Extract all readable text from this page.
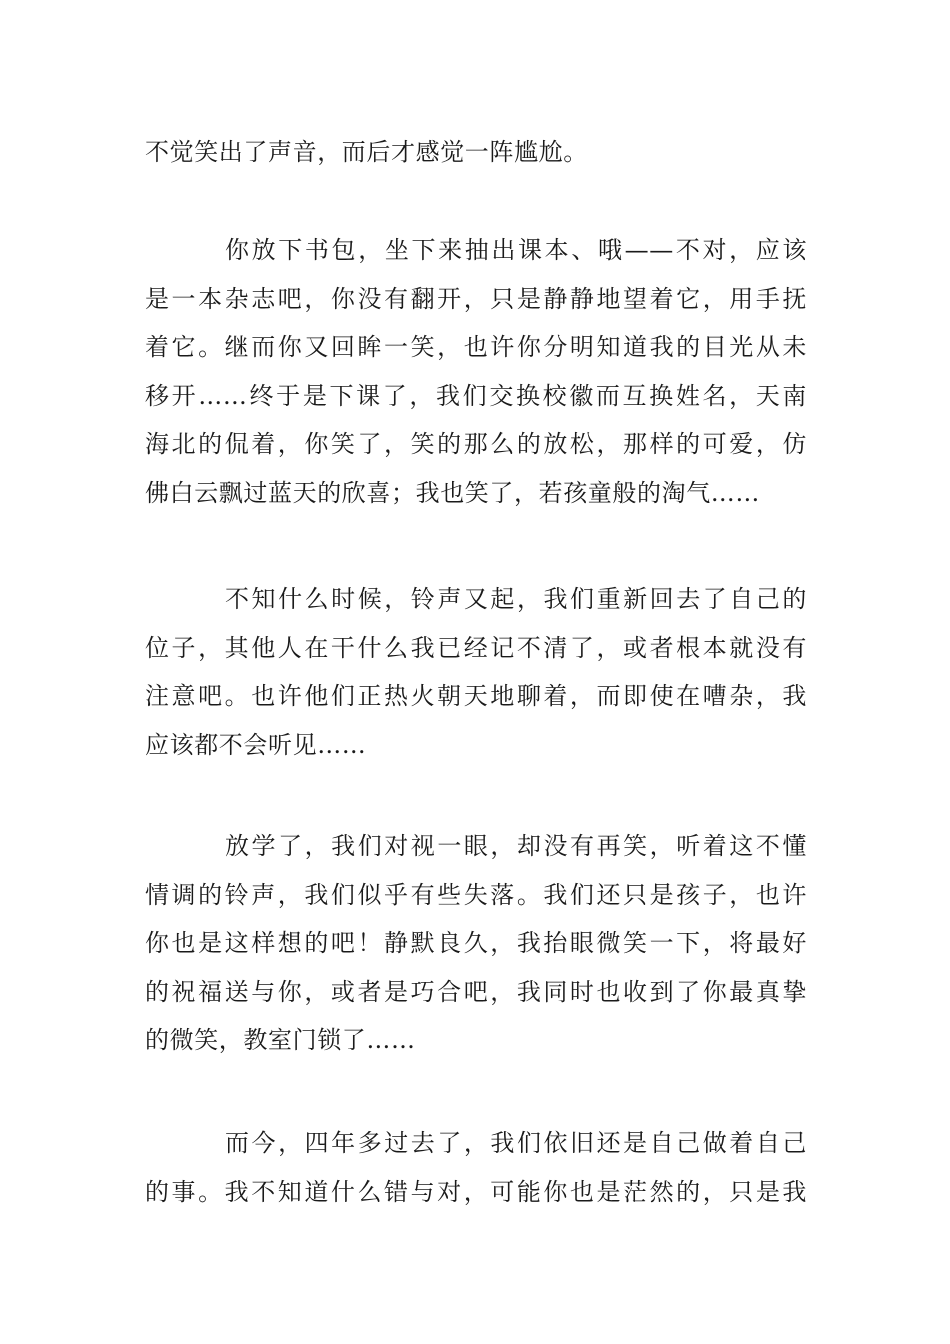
不觉笑出了声音，而后才感觉一阵尴尬。
你放下书包，坐下来抽出课本、哦——不对，应该
是一本杂志吧，你没有翻开，只是静静地望着它，用手抚
着它。继而你又回眸一笑，也许你分明知道我的目光从未
移开……终于是下课了，我们交换校徽而互换姓名，天南
海北的侃着，你笑了，笑的那么的放松，那样的可爱，仿
佛白云飘过蓝天的欣喜；我也笑了，若孩童般的淘气……
不知什么时候，铃声又起，我们重新回去了自己的
位子，其他人在干什么我已经记不清了，或者根本就没有
注意吧。也许他们正热火朝天地聊着，而即使在嘈杂，我
应该都不会听见……
放学了，我们对视一眼，却没有再笑，听着这不懂
情调的铃声，我们似乎有些失落。我们还只是孩子，也许
你也是这样想的吧！静默良久，我抬眼微笑一下，将最好
的祝福送与你，或者是巧合吧，我同时也收到了你最真挚
的微笑，教室门锁了……
而今，四年多过去了，我们依旧还是自己做着自己
的事。我不知道什么错与对，可能你也是茫然的，只是我
